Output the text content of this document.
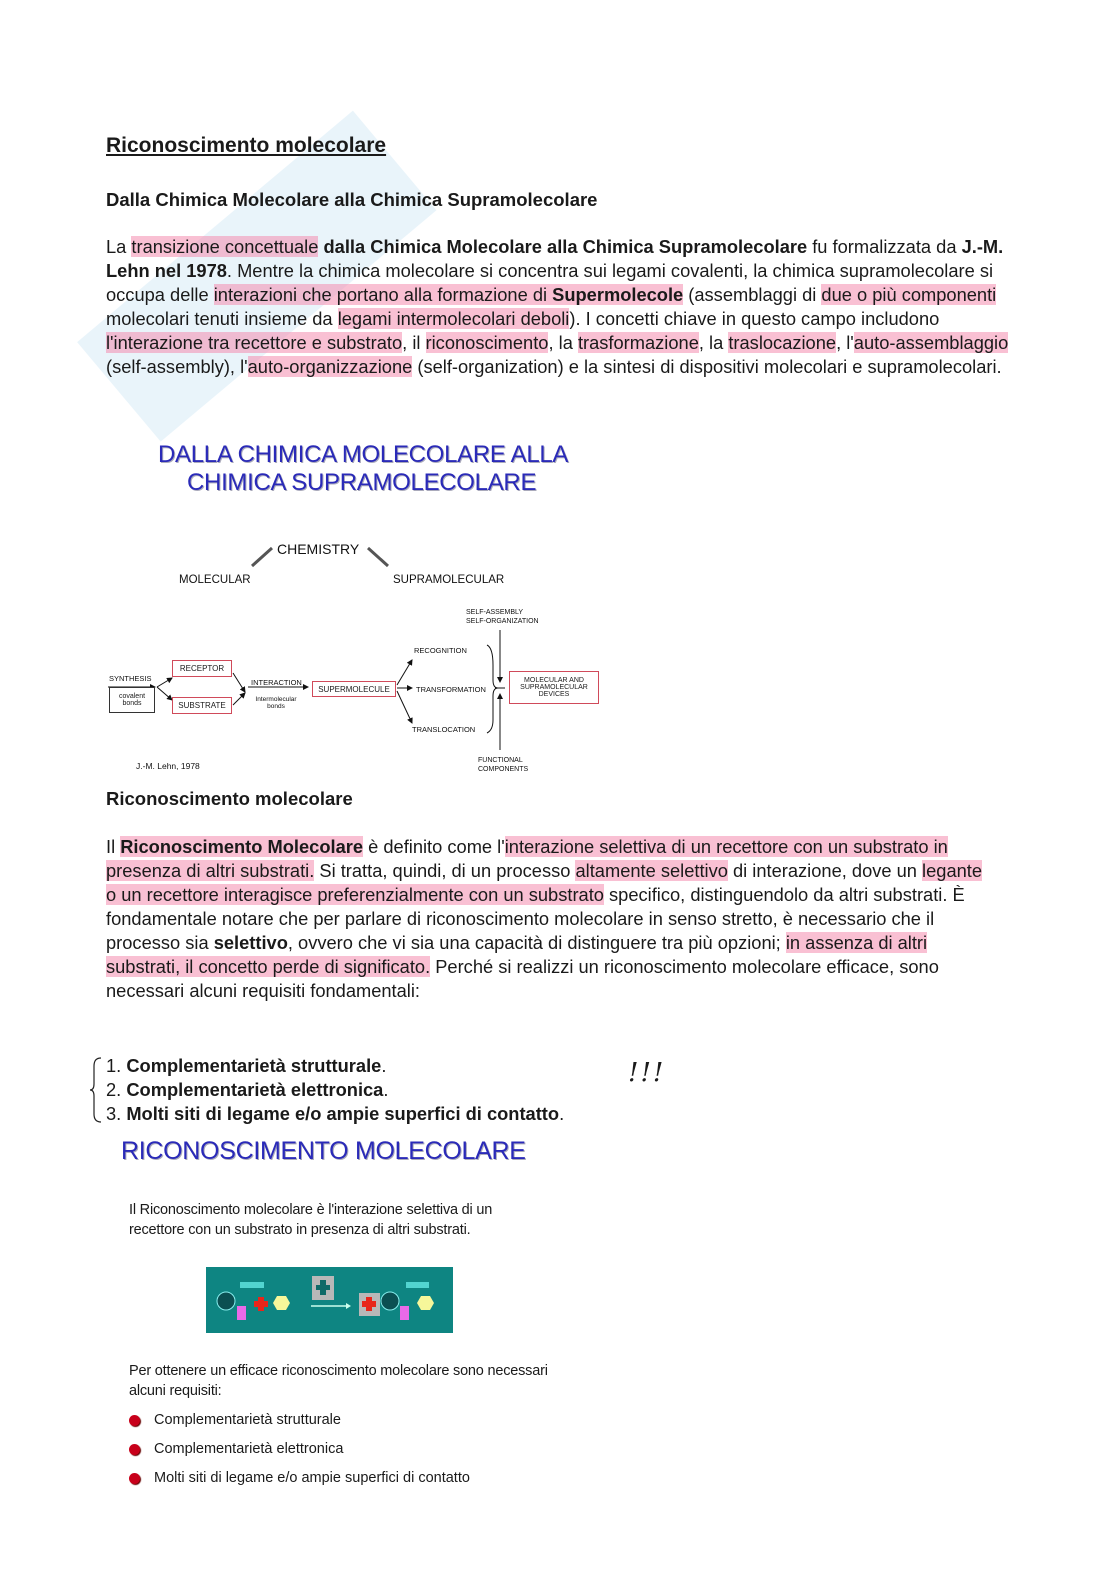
Riconoscimento molecolare
Dalla Chimica Molecolare alla Chimica Supramolecolare
La transizione concettuale dalla Chimica Molecolare alla Chimica Supramolecolare fu formalizzata da J.-M. Lehn nel 1978. Mentre la chimica molecolare si concentra sui legami covalenti, la chimica supramolecolare si occupa delle interazioni che portano alla formazione di Supermolecole (assemblaggi di due o più componenti molecolari tenuti insieme da legami intermolecolari deboli). I concetti chiave in questo campo includono l'interazione tra recettore e substrato, il riconoscimento, la trasformazione, la traslocazione, l'auto-assemblaggio (self-assembly), l'auto-organizzazione (self-organization) e la sintesi di dispositivi molecolari e supramolecolari.
DALLA CHIMICA MOLECOLARE ALLA
CHIMICA SUPRAMOLECOLARE
CHEMISTRY
MOLECULAR	SUPRAMOLECULAR
SELF-ASSEMBLY
SELF-ORGANIZATION
SYNTHESIS
covalent bonds
RECEPTOR
SUBSTRATE
INTERACTION
Intermolecular bonds
SUPERMOLECULE
RECOGNITION
TRANSFORMATION
TRANSLOCATION
MOLECULAR AND SUPRAMOLECULAR DEVICES
FUNCTIONAL COMPONENTS
J.-M. Lehn, 1978
Riconoscimento molecolare
Il Riconoscimento Molecolare è definito come l'interazione selettiva di un recettore con un substrato in presenza di altri substrati. Si tratta, quindi, di un processo altamente selettivo di interazione, dove un legante o un recettore interagisce preferenzialmente con un substrato specifico, distinguendolo da altri substrati. È fondamentale notare che per parlare di riconoscimento molecolare in senso stretto, è necessario che il processo sia selettivo, ovvero che vi sia una capacità di distinguere tra più opzioni; in assenza di altri substrati, il concetto perde di significato. Perché si realizzi un riconoscimento molecolare efficace, sono necessari alcuni requisiti fondamentali:
1. Complementarietà strutturale.
2. Complementarietà elettronica.
3. Molti siti di legame e/o ampie superfici di contatto.
!!!
RICONOSCIMENTO MOLECOLARE
Il Riconoscimento molecolare è l'interazione selettiva di un recettore con un substrato in presenza di altri substrati.
Per ottenere un efficace riconoscimento molecolare sono necessari alcuni requisiti:
Complementarietà strutturale
Complementarietà elettronica
Molti siti di legame e/o ampie superfici di contatto
